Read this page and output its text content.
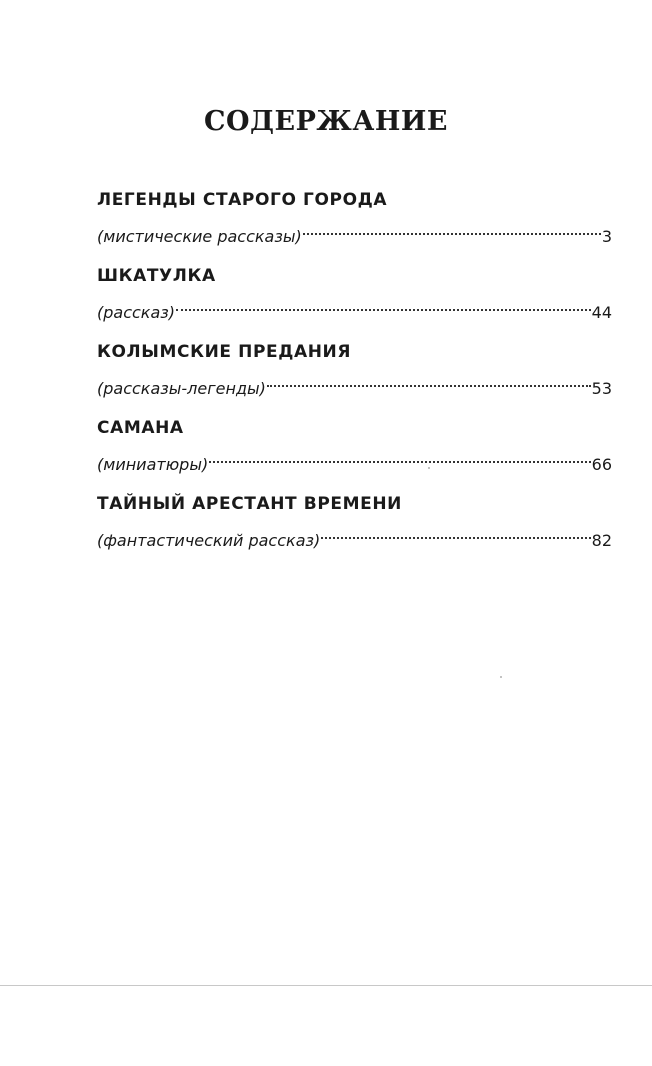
СОДЕРЖАНИЕ
ЛЕГЕНДЫ СТАРОГО ГОРОДА
(мистические рассказы)	3
ШКАТУЛКА
(рассказ)	44
КОЛЫМСКИЕ ПРЕДАНИЯ
(рассказы-легенды)	53
САМАНА
(миниатюры)	66
ТАЙНЫЙ АРЕСТАНТ ВРЕМЕНИ
(фантастический рассказ)	82
